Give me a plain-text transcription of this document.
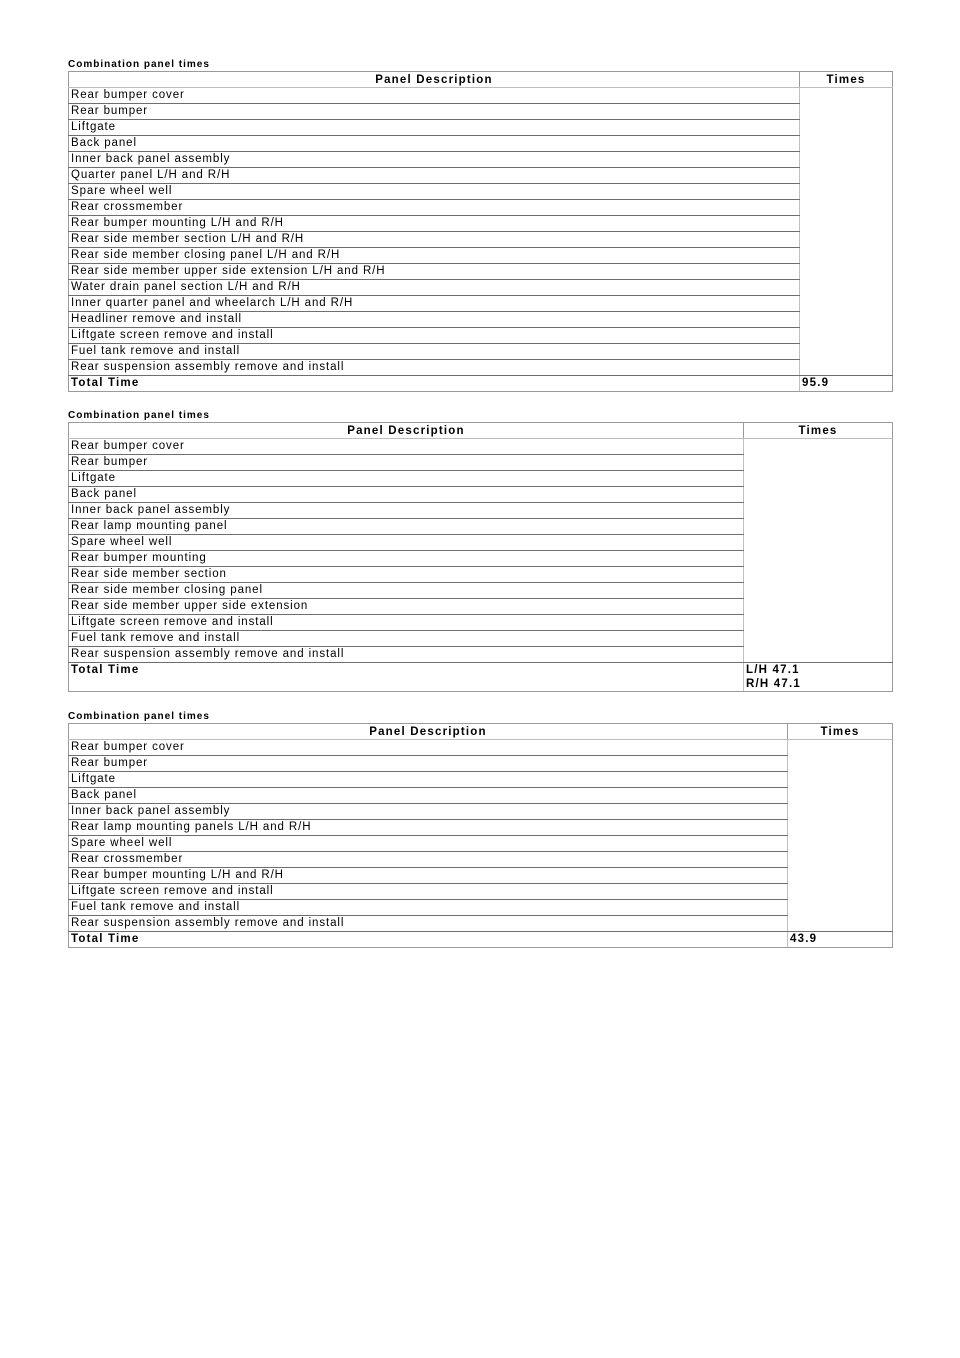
Combination panel times
Panel Description	Times
Rear bumper cover	
Rear bumper	
Liftgate	
Back panel	
Inner back panel assembly	
Quarter panel L/H and R/H	
Spare wheel well	
Rear crossmember	
Rear bumper mounting L/H and R/H	
Rear side member section L/H and R/H	
Rear side member closing panel L/H and R/H	
Rear side member upper side extension L/H and R/H	
Water drain panel section L/H and R/H	
Inner quarter panel and wheelarch L/H and R/H	
Headliner remove and install	
Liftgate screen remove and install	
Fuel tank remove and install	
Rear suspension assembly remove and install	
Total Time	95.9
Combination panel times
Panel Description	Times
Rear bumper cover	
Rear bumper	
Liftgate	
Back panel	
Inner back panel assembly	
Rear lamp mounting panel	
Spare wheel well	
Rear bumper mounting	
Rear side member section	
Rear side member closing panel	
Rear side member upper side extension	
Liftgate screen remove and install	
Fuel tank remove and install	
Rear suspension assembly remove and install	
Total Time	L/H 47.1
R/H 47.1
Combination panel times
Panel Description	Times
Rear bumper cover	
Rear bumper	
Liftgate	
Back panel	
Inner back panel assembly	
Rear lamp mounting panels L/H and R/H	
Spare wheel well	
Rear crossmember	
Rear bumper mounting L/H and R/H	
Liftgate screen remove and install	
Fuel tank remove and install	
Rear suspension assembly remove and install	
Total Time	43.9
